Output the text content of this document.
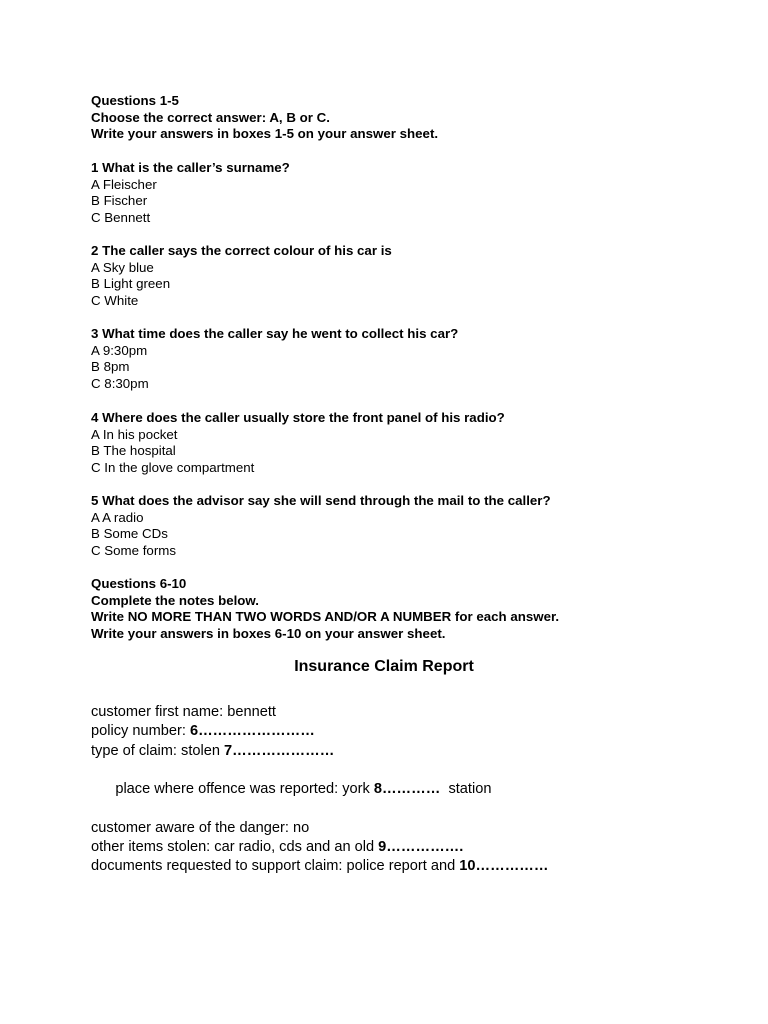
Questions 1-5
Choose the correct answer: A, B or C.
Write your answers in boxes 1-5 on your answer sheet.
1 What is the caller’s surname?
A Fleischer
B Fischer
C Bennett
2 The caller says the correct colour of his car is
A Sky blue
B Light green
C White
3 What time does the caller say he went to collect his car?
A 9:30pm
B 8pm
C 8:30pm
4 Where does the caller usually store the front panel of his radio?
A In his pocket
B The hospital
C In the glove compartment
5 What does the advisor say she will send through the mail to the caller?
A A radio
B Some CDs
C Some forms
Questions 6-10
Complete the notes below.
Write NO MORE THAN TWO WORDS AND/OR A NUMBER for each answer.
Write your answers in boxes 6-10 on your answer sheet.
Insurance Claim Report
customer first name: bennett
policy number: 6……………………
type of claim: stolen 7…………………

place where offence was reported: york 8…………  station

customer aware of the danger: no
other items stolen: car radio, cds and an old 9…………….
documents requested to support claim: police report and 10……………
